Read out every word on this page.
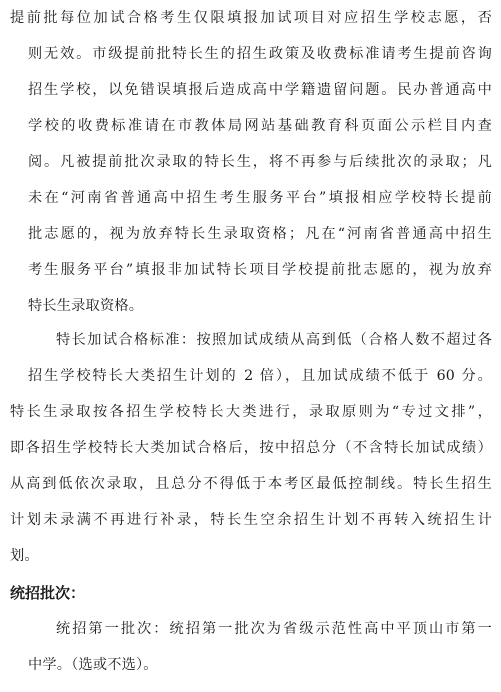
提前批每位加试合格考生仅限填报加试项目对应招生学校志愿，否
则无效。市级提前批特长生的招生政策及收费标准请考生提前咨询
招生学校，以免错误填报后造成高中学籍遗留问题。民办普通高中
学校的收费标准请在市教体局网站基础教育科页面公示栏目内查
阅。凡被提前批次录取的特长生，将不再参与后续批次的录取；凡
未在“河南省普通高中招生考生服务平台”填报相应学校特长提前
批志愿的，视为放弃特长生录取资格；凡在“河南省普通高中招生
考生服务平台”填报非加试特长项目学校提前批志愿的，视为放弃
特长生录取资格。
特长加试合格标准：按照加试成绩从高到低（合格人数不超过各
招生学校特长大类招生计划的 2 倍），且加试成绩不低于 60 分。
特长生录取按各招生学校特长大类进行，录取原则为“专过文排”，
即各招生学校特长大类加试合格后，按中招总分（不含特长加试成绩）
从高到低依次录取，且总分不得低于本考区最低控制线。特长生招生
计划未录满不再进行补录，特长生空余招生计划不再转入统招生计
划。
统招批次：
统招第一批次：统招第一批次为省级示范性高中平顶山市第一
中学。（选或不选）。
